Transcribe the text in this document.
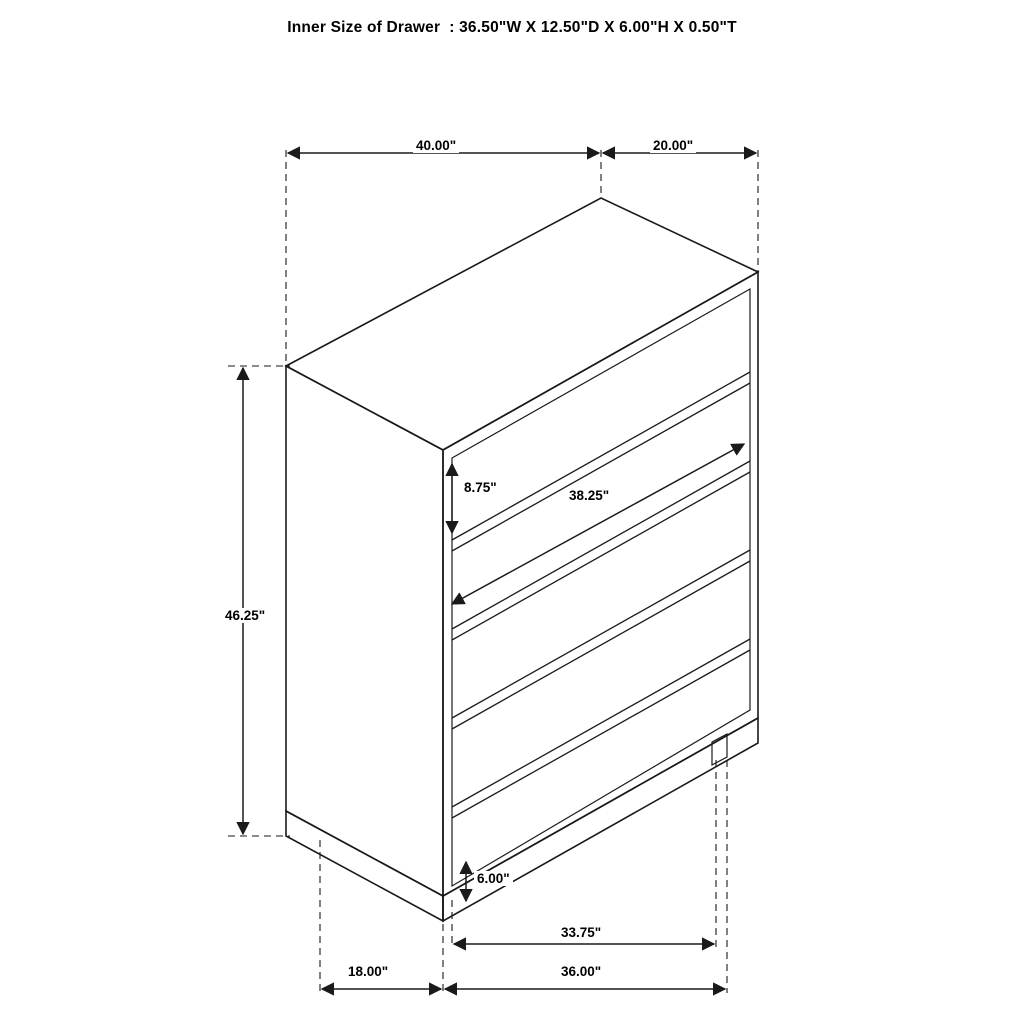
Inner Size of Drawer  : 36.50"W X 12.50"D X 6.00"H X 0.50"T
40.00"	20.00"
46.25"
8.75"
38.25"
6.00"
33.75"
18.00"	36.00"
